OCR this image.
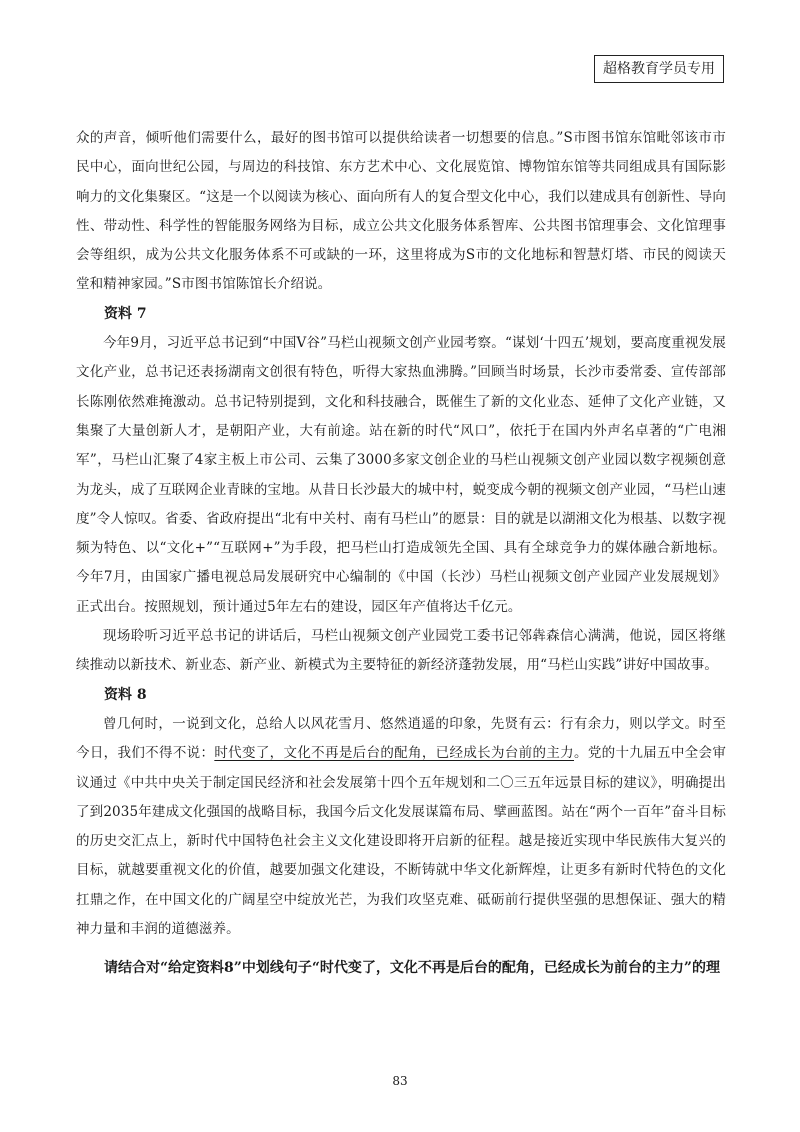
超格教育学员专用

众的声音，倾听他们需要什么，最好的图书馆可以提供给读者一切想要的信息。”S市图书馆东馆毗邻该市市民中心，面向世纪公园，与周边的科技馆、东方艺术中心、文化展览馆、博物馆东馆等共同组成具有国际影响力的文化集聚区。“这是一个以阅读为核心、面向所有人的复合型文化中心，我们以建成具有创新性、导向性、带动性、科学性的智能服务网络为目标，成立公共文化服务体系智库、公共图书馆理事会、文化馆理事会等组织，成为公共文化服务体系不可或缺的一环，这里将成为S市的文化地标和智慧灯塔、市民的阅读天堂和精神家园。”S市图书馆陈馆长介绍说。

资料 7

今年9月，习近平总书记到“中国V谷”马栏山视频文创产业园考察。“谋划‘十四五’规划，要高度重视发展文化产业，总书记还表扬湖南文创很有特色，听得大家热血沸腾。”回顾当时场景，长沙市委常委、宣传部部长陈刚依然难掩激动。总书记特别提到，文化和科技融合，既催生了新的文化业态、延伸了文化产业链，又集聚了大量创新人才，是朝阳产业，大有前途。站在新的时代“风口”，依托于在国内外声名卓著的“广电湘军”，马栏山汇聚了4家主板上市公司、云集了3000多家文创企业的马栏山视频文创产业园以数字视频创意为龙头，成了互联网企业青睐的宝地。从昔日长沙最大的城中村，蜕变成今朝的视频文创产业园，“马栏山速度”令人惊叹。省委、省政府提出“北有中关村、南有马栏山”的愿景：目的就是以湖湘文化为根基、以数字视频为特色、以“文化+”“互联网+”为手段，把马栏山打造成领先全国、具有全球竞争力的媒体融合新地标。今年7月，由国家广播电视总局发展研究中心编制的《中国（长沙）马栏山视频文创产业园产业发展规划》正式出台。按照规划，预计通过5年左右的建设，园区年产值将达千亿元。

现场聆听习近平总书记的讲话后，马栏山视频文创产业园党工委书记邻犇森信心满满，他说，园区将继续推动以新技术、新业态、新产业、新模式为主要特征的新经济蓬勃发展，用“马栏山实践”讲好中国故事。

资料 8

曾几何时，一说到文化，总给人以风花雪月、悠然逍遥的印象，先贤有云：行有余力，则以学文。时至今日，我们不得不说：时代变了，文化不再是后台的配角，已经成长为台前的主力。党的十九届五中全会审议通过《中共中央关于制定国民经济和社会发展第十四个五年规划和二〇三五年远景目标的建议》，明确提出了到2035年建成文化强国的战略目标，我国今后文化发展谋篇布局、擘画蓝图。站在“两个一百年”奋斗目标的历史交汇点上，新时代中国特色社会主义文化建设即将开启新的征程。越是接近实现中华民族伟大复兴的目标，就越要重视文化的价值，越要加强文化建设，不断铸就中华文化新辉煌，让更多有新时代特色的文化扛鼎之作，在中国文化的广阔星空中绽放光芒，为我们攻坚克难、砥砺前行提供坚强的思想保证、强大的精神力量和丰润的道德滋养。

请结合对“给定资料8”中划线句子“时代变了，文化不再是后台的配角，已经成长为前台的主力”的理

83
